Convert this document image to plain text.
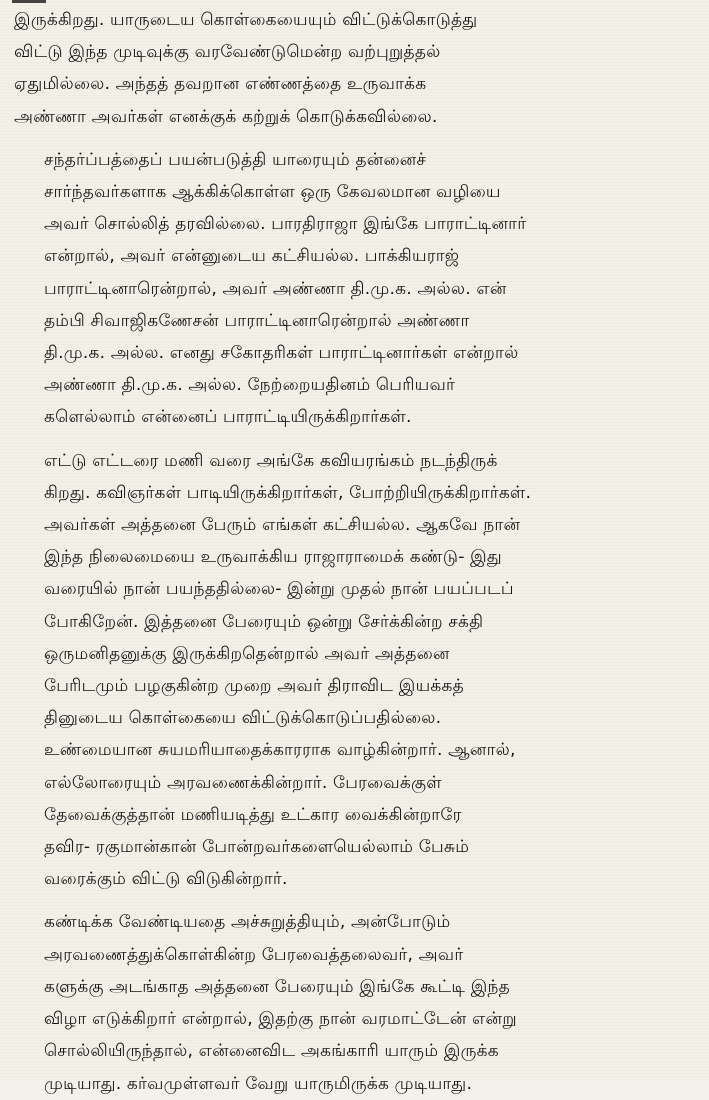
இருக்கிறது. யாருடைய கொள்கையையும் விட்டுக்கொடுத்து
விட்டு இந்த முடிவுக்கு வரவேண்டுமென்ற வற்புறுத்தல்
ஏதுமில்லை. அந்தத் தவறான எண்ணத்தை உருவாக்க
அண்ணா அவர்கள் எனக்குக் கற்றுக் கொடுக்கவில்லை.

சந்தர்ப்பத்தைப் பயன்படுத்தி யாரையும் தன்னைச்
சார்ந்தவர்களாக ஆக்கிக்கொள்ள ஒரு கேவலமான வழியை
அவர் சொல்லித் தரவில்லை. பாரதிராஜா இங்கே பாராட்டினார்
என்றால், அவர் என்னுடைய கட்சியல்ல. பாக்கியராஜ்
பாராட்டினாரென்றால், அவர் அண்ணா தி.மு.க. அல்ல. என்
தம்பி சிவாஜிகணேசன் பாராட்டினாரென்றால் அண்ணா
தி.மு.க. அல்ல. எனது சகோதரிகள் பாராட்டினார்கள் என்றால்
அண்ணா தி.மு.க. அல்ல. நேற்றையதினம் பெரியவர்
களெல்லாம் என்னைப் பாராட்டியிருக்கிறார்கள்.

எட்டு எட்டரை மணி வரை அங்கே கவியரங்கம் நடந்திருக்
கிறது. கவிஞர்கள் பாடியிருக்கிறார்கள், போற்றியிருக்கிறார்கள்.
அவர்கள் அத்தனை பேரும் எங்கள் கட்சியல்ல. ஆகவே நான்
இந்த நிலைமையை உருவாக்கிய ராஜாராமைக் கண்டு- இது
வரையில் நான் பயந்ததில்லை- இன்று முதல் நான் பயப்படப்
போகிறேன். இத்தனை பேரையும் ஒன்று சேர்க்கின்ற சக்தி
ஒருமனிதனுக்கு இருக்கிறதென்றால் அவர் அத்தனை
பேரிடமும் பழகுகின்ற முறை அவர் திராவிட இயக்கத்
தினுடைய கொள்கையை விட்டுக்கொடுப்பதில்லை.
உண்மையான சுயமரியாதைக்காரராக வாழ்கின்றார். ஆனால்,
எல்லோரையும் அரவணைக்கின்றார். பேரவைக்குள்
தேவைக்குத்தான் மணியடித்து உட்கார வைக்கின்றாரே
தவிர- ரகுமான்கான் போன்றவர்களையெல்லாம் பேசும்
வரைக்கும் விட்டு விடுகின்றார்.

கண்டிக்க வேண்டியதை அச்சுறுத்தியும், அன்போடும்
அரவணைத்துக்கொள்கின்ற பேரவைத்தலைவர், அவர்
களுக்கு அடங்காத அத்தனை பேரையும் இங்கே கூட்டி இந்த
விழா எடுக்கிறார் என்றால், இதற்கு நான் வரமாட்டேன் என்று
சொல்லியிருந்தால், என்னைவிட அகங்காரி யாரும் இருக்க
முடியாது. கர்வமுள்ளவர் வேறு யாருமிருக்க முடியாது.
